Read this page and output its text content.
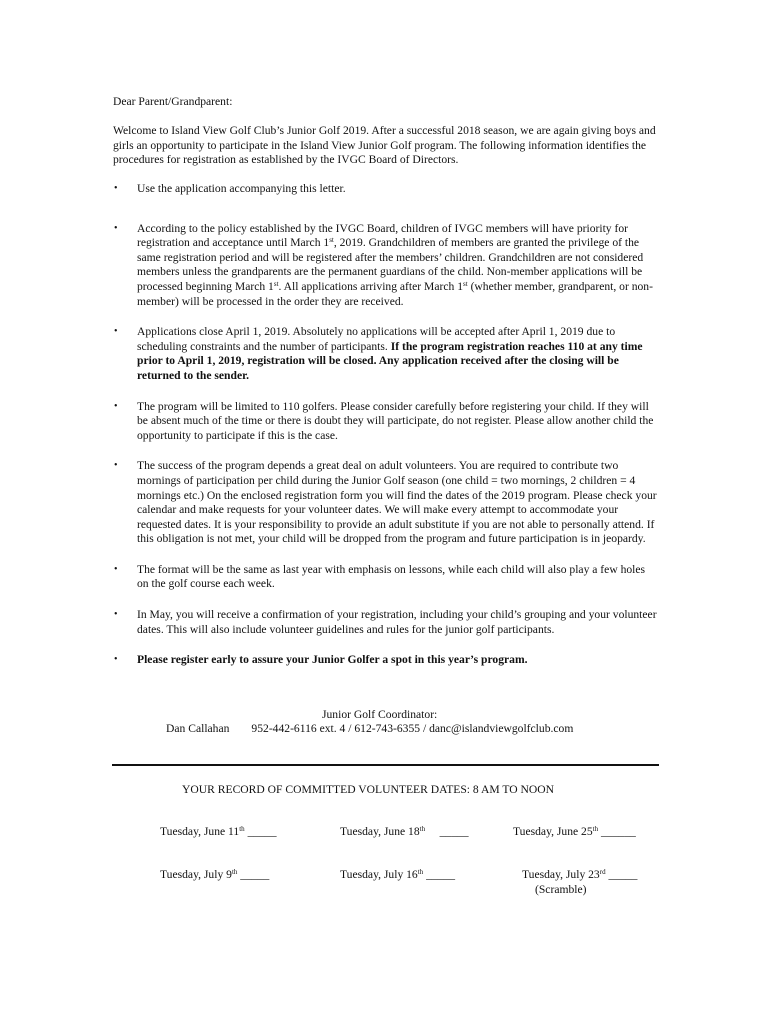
Dear Parent/Grandparent:

Welcome to Island View Golf Club’s Junior Golf 2019. After a successful 2018 season, we are again giving boys and girls an opportunity to participate in the Island View Junior Golf program. The following information identifies the procedures for registration as established by the IVGC Board of Directors.

• Use the application accompanying this letter.
• According to the policy established by the IVGC Board, children of IVGC members will have priority for registration and acceptance until March 1st, 2019. Grandchildren of members are granted the privilege of the same registration period and will be registered after the members’ children. Grandchildren are not considered members unless the grandparents are the permanent guardians of the child. Non-member applications will be processed beginning March 1st. All applications arriving after March 1st (whether member, grandparent, or non-member) will be processed in the order they are received.
• Applications close April 1, 2019. Absolutely no applications will be accepted after April 1, 2019 due to scheduling constraints and the number of participants. If the program registration reaches 110 at any time prior to April 1, 2019, registration will be closed. Any application received after the closing will be returned to the sender.
• The program will be limited to 110 golfers. Please consider carefully before registering your child. If they will be absent much of the time or there is doubt they will participate, do not register. Please allow another child the opportunity to participate if this is the case.
• The success of the program depends a great deal on adult volunteers. You are required to contribute two mornings of participation per child during the Junior Golf season (one child = two mornings, 2 children = 4 mornings etc.) On the enclosed registration form you will find the dates of the 2019 program. Please check your calendar and make requests for your volunteer dates. We will make every attempt to accommodate your requested dates. It is your responsibility to provide an adult substitute if you are not able to personally attend. If this obligation is not met, your child will be dropped from the program and future participation is in jeopardy.
• The format will be the same as last year with emphasis on lessons, while each child will also play a few holes on the golf course each week.
• In May, you will receive a confirmation of your registration, including your child’s grouping and your volunteer dates. This will also include volunteer guidelines and rules for the junior golf participants.
• Please register early to assure your Junior Golfer a spot in this year’s program.

Junior Golf Coordinator:

Dan Callahan 952-442-6116 ext. 4 / 612-743-6355 / danc@islandviewgolfclub.com

YOUR RECORD OF COMMITTED VOLUNTEER DATES: 8 AM TO NOON

Tuesday, June 11th _____	Tuesday, June 18th     _____	Tuesday, June 25th ______

Tuesday, July 9th _____	Tuesday, July 16th _____	Tuesday, July 23rd _____

(Scramble)
